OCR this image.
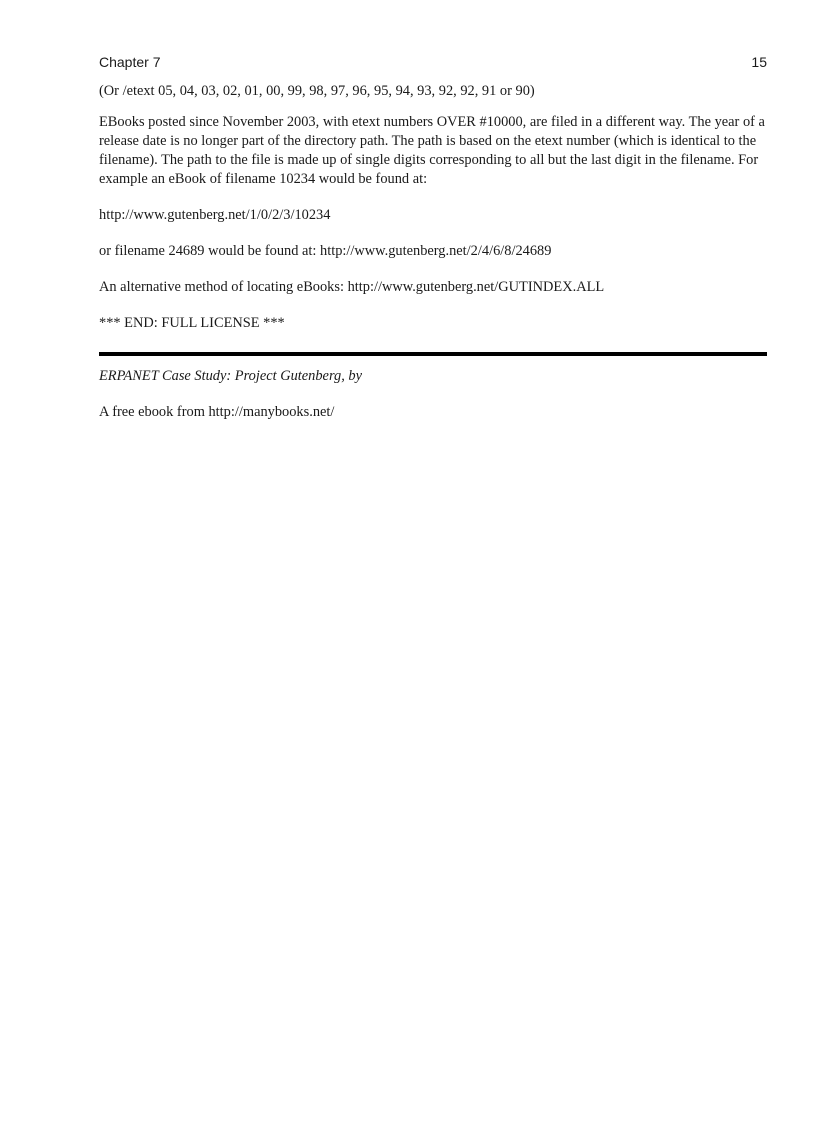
Chapter 7	15

(Or /etext 05, 04, 03, 02, 01, 00, 99, 98, 97, 96, 95, 94, 93, 92, 92, 91 or 90)

EBooks posted since November 2003, with etext numbers OVER #10000, are filed in a different way. The year of a release date is no longer part of the directory path. The path is based on the etext number (which is identical to the filename). The path to the file is made up of single digits corresponding to all but the last digit in the filename. For example an eBook of filename 10234 would be found at:

http://www.gutenberg.net/1/0/2/3/10234

or filename 24689 would be found at: http://www.gutenberg.net/2/4/6/8/24689

An alternative method of locating eBooks: http://www.gutenberg.net/GUTINDEX.ALL

*** END: FULL LICENSE ***

ERPANET Case Study: Project Gutenberg, by

A free ebook from http://manybooks.net/
